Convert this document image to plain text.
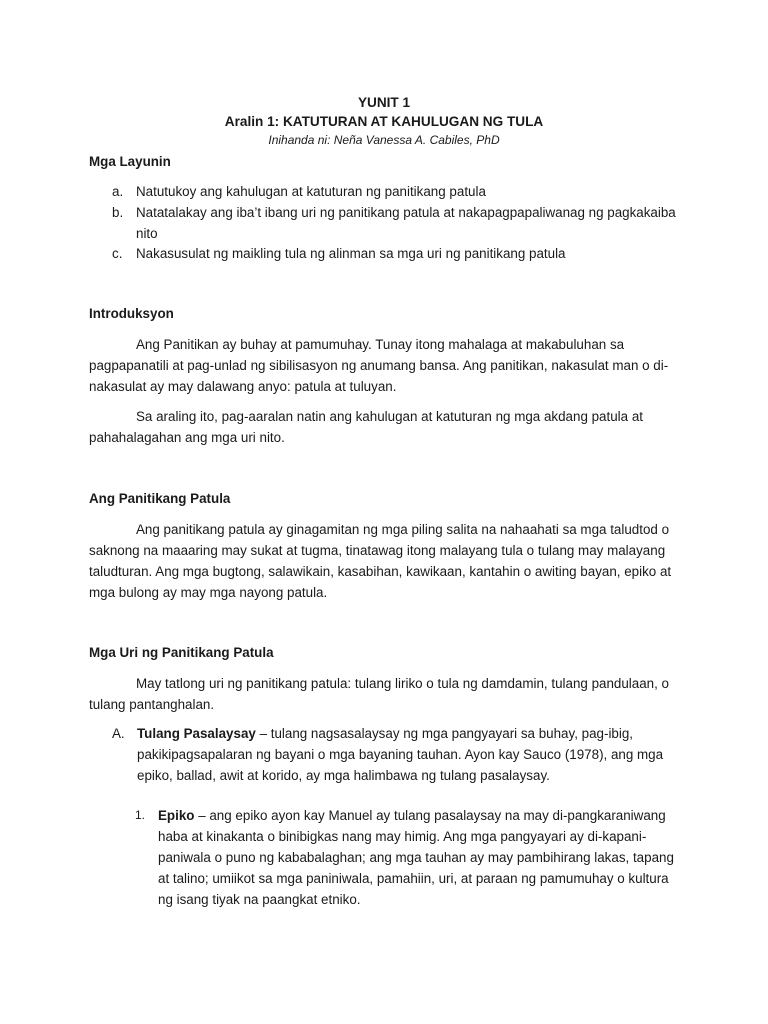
YUNIT 1
Aralin 1: KATUTURAN AT KAHULUGAN NG TULA
Inihanda ni: Neña Vanessa A. Cabiles, PhD
Mga Layunin
a. Natutukoy ang kahulugan at katuturan ng panitikang patula
b. Natatalakay ang iba’t ibang uri ng panitikang patula at nakapagpapaliwanag ng pagkakaiba nito
c.	Nakasusulat ng maikling tula ng alinman sa mga uri ng panitikang patula
Introduksyon

Ang Panitikan ay buhay at pamumuhay. Tunay itong mahalaga at makabuluhan sa pagpapanatili at pag-unlad ng sibilisasyon ng anumang bansa. Ang panitikan, nakasulat man o di-nakasulat ay may dalawang anyo: patula at tuluyan.

Sa araling ito, pag-aaralan natin ang kahulugan at katuturan ng mga akdang patula at pahahalagahan ang mga uri nito.

Ang Panitikang Patula

Ang panitikang patula ay ginagamitan ng mga piling salita na nahaahati sa mga taludtod o saknong na maaaring may sukat at tugma, tinatawag itong malayang tula o tulang may malayang taludturan. Ang mga bugtong, salawikain, kasabihan, kawikaan, kantahin o awiting bayan, epiko at mga bulong ay may mga nayong patula.

Mga Uri ng Panitikang Patula

May tatlong uri ng panitikang patula: tulang liriko o tula ng damdamin, tulang pandulaan, o tulang pantanghalan.

A. Tulang Pasalaysay – tulang nagsasalaysay ng mga pangyayari sa buhay, pag-ibig, pakikipagsapalaran ng bayani o mga bayaning tauhan. Ayon kay Sauco (1978), ang mga epiko, ballad, awit at korido, ay mga halimbawa ng tulang pasalaysay.
1. Epiko – ang epiko ayon kay Manuel ay tulang pasalaysay na may di-pangkaraniwang haba at kinakanta o binibigkas nang may himig. Ang mga pangyayari ay di-kapani-paniwala o puno ng kababalaghan; ang mga tauhan ay may pambihirang lakas, tapang at talino; umiikot sa mga paniniwala, pamahiin, uri, at paraan ng pamumuhay o kultura ng isang tiyak na paangkat etniko.
